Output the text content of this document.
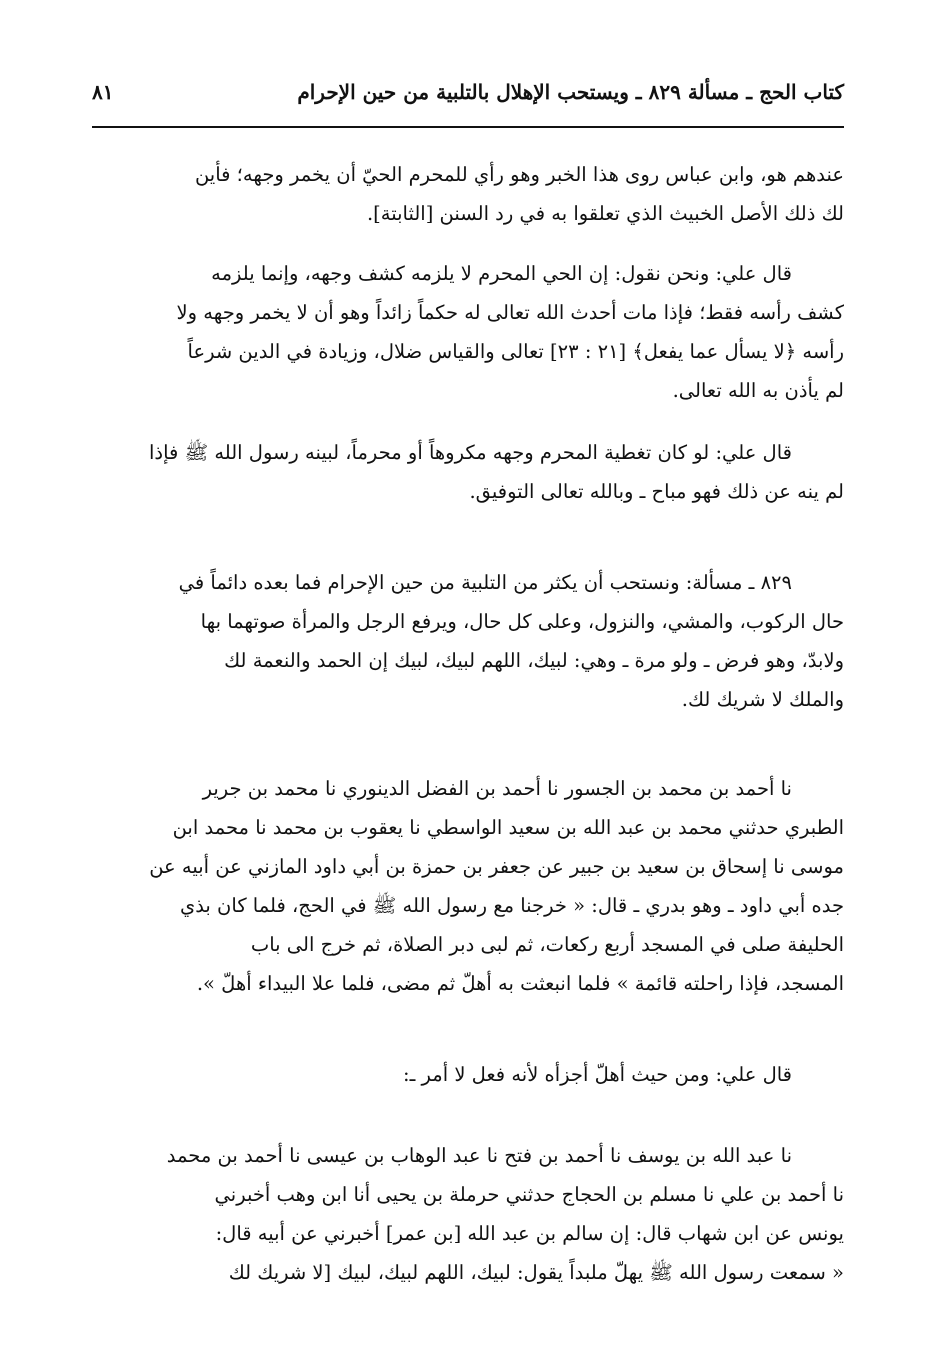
كتاب الحج ـ مسألة ٨٢٩ ـ ويستحب الإهلال بالتلبية من حين الإحرام
٨١
عندهم هو، وابن عباس روى هذا الخبر وهو رأي للمحرم الحيّ أن يخمر وجهه؛ فأين
لك ذلك الأصل الخبيث الذي تعلقوا به في رد السنن [الثابتة].
قال علي: ونحن نقول: إن الحي المحرم لا يلزمه كشف وجهه، وإنما يلزمه
كشف رأسه فقط؛ فإذا مات أحدث الله تعالى له حكماً زائداً وهو أن لا يخمر وجهه ولا
رأسه ﴿لا يسأل عما يفعل﴾ [٢١ : ٢٣] تعالى والقياس ضلال، وزيادة في الدين شرعاً
لم يأذن به الله تعالى.
قال علي: لو كان تغطية المحرم وجهه مكروهاً أو محرماً، لبينه رسول الله ﷺ فإذا
لم ينه عن ذلك فهو مباح ـ وبالله تعالى التوفيق.
٨٢٩ ـ مسألة: ونستحب أن يكثر من التلبية من حين الإحرام فما بعده دائماً في
حال الركوب، والمشي، والنزول، وعلى كل حال، ويرفع الرجل والمرأة صوتهما بها
ولابدّ، وهو فرض ـ ولو مرة ـ وهي: لبيك، اللهم لبيك، لبيك إن الحمد والنعمة لك
والملك لا شريك لك.
نا أحمد بن محمد بن الجسور نا أحمد بن الفضل الدينوري نا محمد بن جرير
الطبري حدثني محمد بن عبد الله بن سعيد الواسطي نا يعقوب بن محمد نا محمد ابن
موسى نا إسحاق بن سعيد بن جبير عن جعفر بن حمزة بن أبي داود المازني عن أبيه عن
جده أبي داود ـ وهو بدري ـ قال: « خرجنا مع رسول الله ﷺ في الحج، فلما كان بذي
الحليفة صلى في المسجد أربع ركعات، ثم لبى دبر الصلاة، ثم خرج الى باب
المسجد، فإذا راحلته قائمة » فلما انبعثت به أهلّ ثم مضى، فلما علا البيداء أهلّ ».
قال علي: ومن حيث أهلّ أجزأه لأنه فعل لا أمر ـ:
نا عبد الله بن يوسف نا أحمد بن فتح نا عبد الوهاب بن عيسى نا أحمد بن محمد
نا أحمد بن علي نا مسلم بن الحجاج حدثني حرملة بن يحيى أنا ابن وهب أخبرني
يونس عن ابن شهاب قال: إن سالم بن عبد الله [بن عمر] أخبرني عن أبيه قال:
« سمعت رسول الله ﷺ يهلّ ملبداً يقول: لبيك، اللهم لبيك، لبيك [لا شريك لك
